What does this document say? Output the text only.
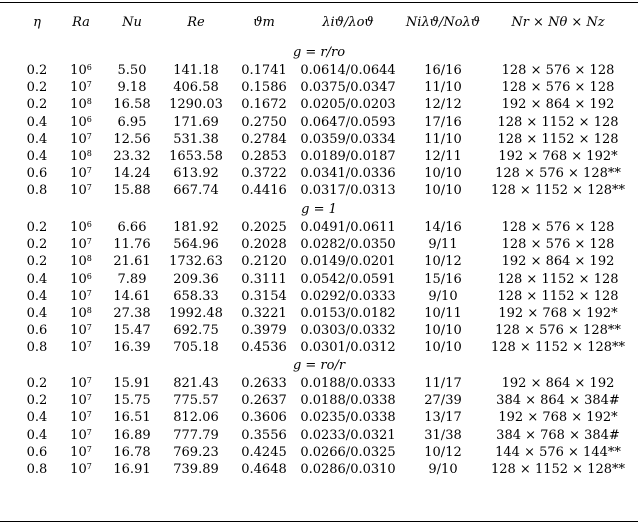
η Ra Nu	Re	ϑm	λiϑ/λoϑ Niλϑ/Noλϑ Nr × Nθ × Nz
g = r/ro
0.2 $10^6$ 5.50 141.18 0.1741 0.0614/0.0644 16/16	128 × 576 × 128
0.2 $10^7$ 9.18 406.58 0.1586 0.0375/0.0347 11/10	128 × 576 × 128
0.2 $10^8$ 16.58 1290.03 0.1672 0.0205/0.0203 12/12	192 × 864 × 192
0.4 $10^6$ 6.95 171.69 0.2750 0.0647/0.0593 17/16	128 × 1152 × 128
0.4 $10^7$ 12.56 531.38 0.2784 0.0359/0.0334 11/10	128 × 1152 × 128
0.4 $10^8$ 23.32 1653.58 0.2853 0.0189/0.0187 12/11	192 × 768 × 192*
0.6 $10^7$ 14.24 613.92 0.3722 0.0341/0.0336 10/10	128 × 576 × 128**
0.8 $10^7$ 15.88 667.74 0.4416 0.0317/0.0313 10/10 128 × 1152 × 128**
g = 1
0.2 $10^6$ 6.66 181.92 0.2025 0.0491/0.0611 14/16	128 × 576 × 128
0.2 $10^7$ 11.76 564.96 0.2028 0.0282/0.0350	9/11	128 × 576 × 128
0.2 $10^8$ 21.61 1732.63 0.2120 0.0149/0.0201 10/12	192 × 864 × 192
0.4 $10^6$ 7.89 209.36 0.3111 0.0542/0.0591 15/16	128 × 1152 × 128
0.4 $10^7$ 14.61 658.33 0.3154 0.0292/0.0333	9/10	128 × 1152 × 128
0.4 $10^8$ 27.38 1992.48 0.3221 0.0153/0.0182 10/11	192 × 768 × 192*
0.6 $10^7$ 15.47 692.75 0.3979 0.0303/0.0332 10/10	128 × 576 × 128**
0.8 $10^7$ 16.39 705.18 0.4536 0.0301/0.0312 10/10 128 × 1152 × 128**
g = ro/r
0.2 $10^7$ 15.91 821.43 0.2633 0.0188/0.0333 11/17	192 × 864 × 192
0.2 $10^7$ 15.75 775.57 0.2637 0.0188/0.0338 27/39	384 × 864 × 384#
0.4 $10^7$ 16.51 812.06 0.3606 0.0235/0.0338 13/17	192 × 768 × 192*
0.4 $10^7$ 16.89 777.79 0.3556 0.0233/0.0321 31/38	384 × 768 × 384#
0.6 $10^7$ 16.78 769.23 0.4245 0.0266/0.0325 10/12	144 × 576 × 144**
0.8 $10^7$ 16.91 739.89 0.4648 0.0286/0.0310	9/10	128 × 1152 × 128**
